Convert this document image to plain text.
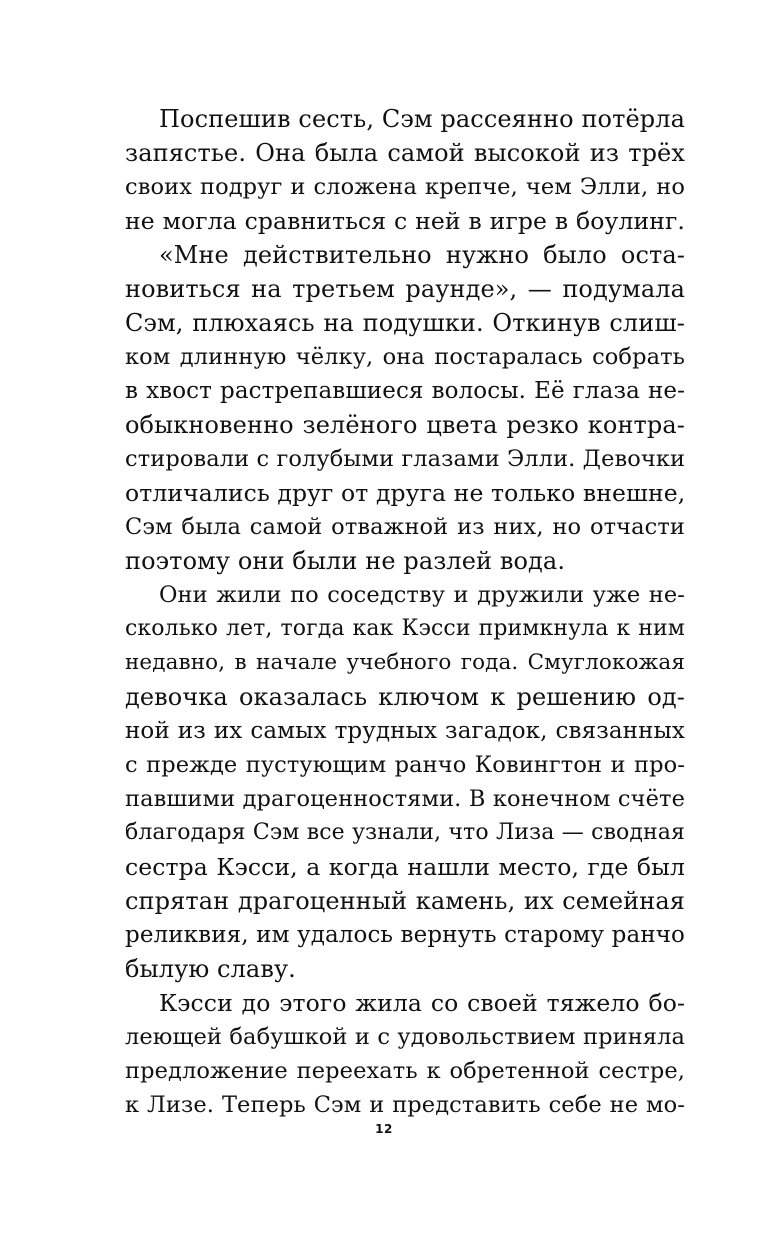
Поспешив сесть, Сэм рассеянно потёрла
запястье. Она была самой высокой из трёх
своих подруг и сложена крепче, чем Элли, но
не могла сравниться с ней в игре в боулинг.
«Мне действительно нужно было оста-
новиться на третьем раунде», — подумала
Сэм, плюхаясь на подушки. Откинув слиш-
ком длинную чёлку, она постаралась собрать
в хвост растрепавшиеся волосы. Её глаза не-
обыкновенно зелёного цвета резко контра-
стировали с голубыми глазами Элли. Девочки
отличались друг от друга не только внешне,
Сэм была самой отважной из них, но отчасти
поэтому они были не разлей вода.
Они жили по соседству и дружили уже не-
сколько лет, тогда как Кэсси примкнула к ним
недавно, в начале учебного года. Смуглокожая
девочка оказалась ключом к решению од-
ной из их самых трудных загадок, связанных
с прежде пустующим ранчо Ковингтон и про-
павшими драгоценностями. В конечном счёте
благодаря Сэм все узнали, что Лиза — сводная
сестра Кэсси, а когда нашли место, где был
спрятан драгоценный камень, их семейная
реликвия, им удалось вернуть старому ранчо
былую славу.
Кэсси до этого жила со своей тяжело бо-
леющей бабушкой и с удовольствием приняла
предложение переехать к обретенной сестре,
к Лизе. Теперь Сэм и представить себе не мо-
12
